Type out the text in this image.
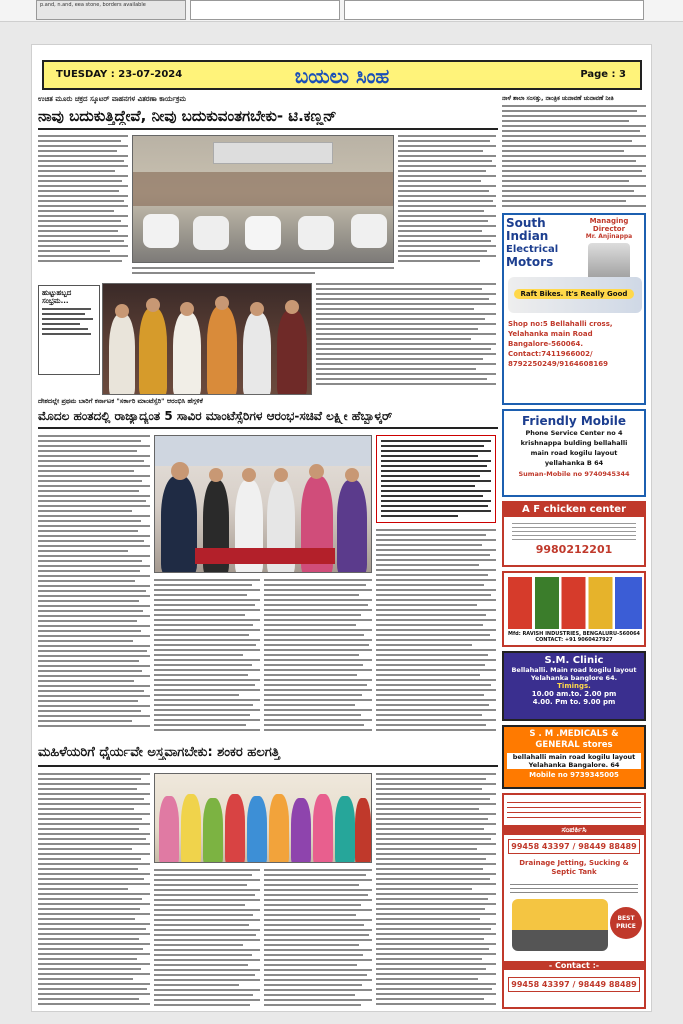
p.and, n.and, eea stone, borders available
TUESDAY : 23-07-2024	ಬಯಲು ಸಿಂಹ	Page : 3
ಉಚಿತ ಮೂರು ಚಕ್ರದ ಸ್ಕೂಟರ್ ವಾಹನಗಳ ವಿತರಣಾ ಕಾರ್ಯಕ್ರಮ	ನಾಳೆ ಶಾಲಾ ಸಂಸತ್ತು, ನಾಂತ್ರಿಕ ಚುನಾವಣೆ ಚುನಾವಣೆ ನೀತಿ
ನಾವು ಬದುಕುತ್ತಿದ್ದೇವೆ, ನೀವು ಬದುಕುವಂತಗಬೇಕು- ಟಿ.ಕಣ್ಣನ್
ಹುಟ್ಟುಹಬ್ಬದ
ಸಂಭ್ರಮ...
South
Indian
Electrical
Motors
Managing Director
Mr. Anjinappa
Raft Bikes. It's Really Good
Shop no:5 Bellahalli cross,
Yelahanka main Road
Bangalore-560064.
Contact:7411966002/
8792250249/9164608169
ದೇಶದಲ್ಲೇ ಪ್ರಥಮ ಬಾರಿಗೆ ಕರ್ನಾಟಕ "ಸರ್ಕಾರಿ ಮಾಂಟೆಸ್ಸೆರಿ" ಆರಂಭಿಸಿ ಹೆಗ್ಗಳಿಕೆ
ಮೊದಲ ಹಂತದಲ್ಲಿ ರಾಜ್ಯಾದ್ಯಂತ 5 ಸಾವಿರ ಮಾಂಟೆಸ್ಸೆರಿಗಳ ಆರಂಭ-ಸಚಿವೆ ಲಕ್ಷ್ಮೀ ಹೆಬ್ಬಾಳ್ಕರ್
ಮಹಿಳೆಯರಿಗೆ ಧೈರ್ಯವೇ ಅಸ್ತ್ರವಾಗಬೇಕು: ಶಂಕರ ಹಲಗತ್ತಿ
Friendly Mobile
Phone Service Center no 4
krishnappa bulding bellahalli
main road kogilu layout
yellahanka B 64
Suman-Mobile no 9740945344
A F chicken center
9980212201
Mfd: RAVISH INDUSTRIES, BENGALURU-560064 CONTACT: +91 9060427927
S.M. Clinic
Bellahalli. Main road kogilu layout Yelahanka banglore 64.
Timings.
10.00 am.to. 2.00 pm
4.00. Pm to. 9.00 pm
S . M .MEDICALS & GENERAL stores
bellahalli main road kogilu layout Yelahanka Bangalore. 64
Mobile no 9739345005
ಸಂಪರ್ಕಿಸಿ
99458 43397 / 98449 88489
Drainage Jetting, Sucking & Septic Tank
BEST PRICE
- Contact :-
99458 43397 / 98449 88489
